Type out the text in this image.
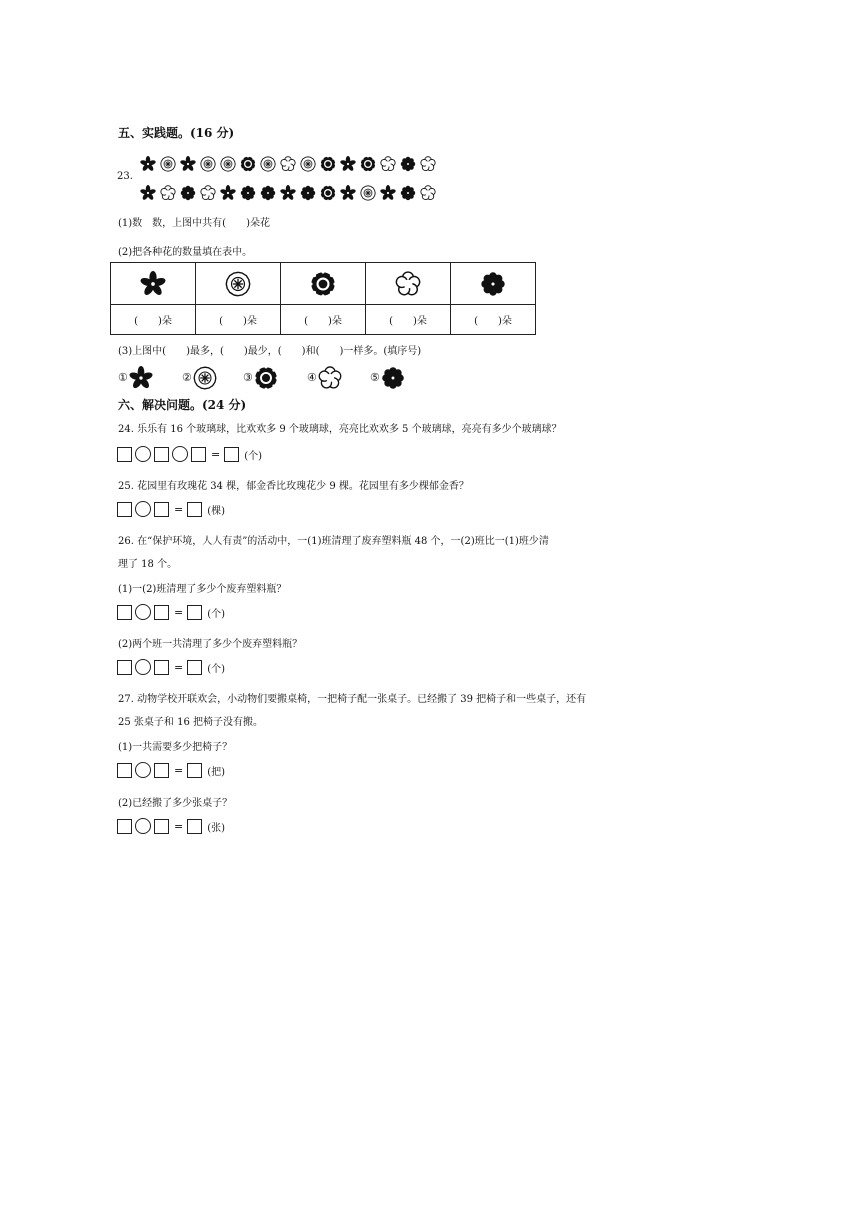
五、实践题。(16 分)
23.
(1)数　数，上图中共有(　　)朵花
(2)把各种花的数量填在表中。

(　　)朵	(　　)朵	(　　)朵	(　　)朵	(　　)朵
(3)上图中(　　)最多，(　　)最少，(　　)和(　　)一样多。(填序号)
①	②	③	④	⑤
六、解决问题。(24 分)
24. 乐乐有 16 个玻璃球，比欢欢多 9 个玻璃球，亮亮比欢欢多 5 个玻璃球，亮亮有多少个玻璃球？
= (个)
25. 花园里有玫瑰花 34 棵，郁金香比玫瑰花少 9 棵。花园里有多少棵郁金香？
= (棵)
26. 在“保护环境，人人有责”的活动中，一(1)班清理了废弃塑料瓶 48 个，一(2)班比一(1)班少清
理了 18 个。
(1)一(2)班清理了多少个废弃塑料瓶？
= (个)
(2)两个班一共清理了多少个废弃塑料瓶？
= (个)
27. 动物学校开联欢会，小动物们要搬桌椅，一把椅子配一张桌子。已经搬了 39 把椅子和一些桌子，还有
25 张桌子和 16 把椅子没有搬。
(1)一共需要多少把椅子？
= (把)
(2)已经搬了多少张桌子？
= (张)
